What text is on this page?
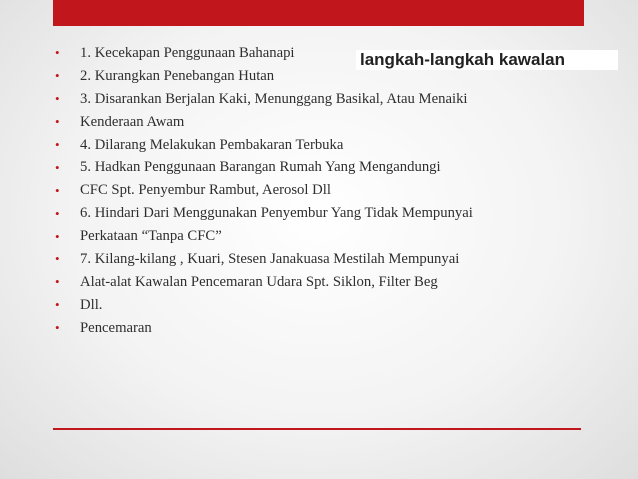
•	1. Kecekapan Penggunaan Bahanapi
•	2. Kurangkan Penebangan Hutan
•	3. Disarankan Berjalan Kaki, Menunggang Basikal, Atau Menaiki
•	Kenderaan Awam
•	4. Dilarang Melakukan Pembakaran Terbuka
•	5. Hadkan Penggunaan Barangan Rumah Yang Mengandungi
•	CFC Spt. Penyembur Rambut, Aerosol Dll
•	6. Hindari Dari Menggunakan Penyembur Yang Tidak Mempunyai
•	Perkataan “Tanpa CFC”
•	7. Kilang-kilang , Kuari, Stesen Janakuasa Mestilah Mempunyai
•	Alat-alat Kawalan Pencemaran Udara Spt. Siklon, Filter Beg
•	Dll.
•	Pencemaran
langkah-langkah kawalan
